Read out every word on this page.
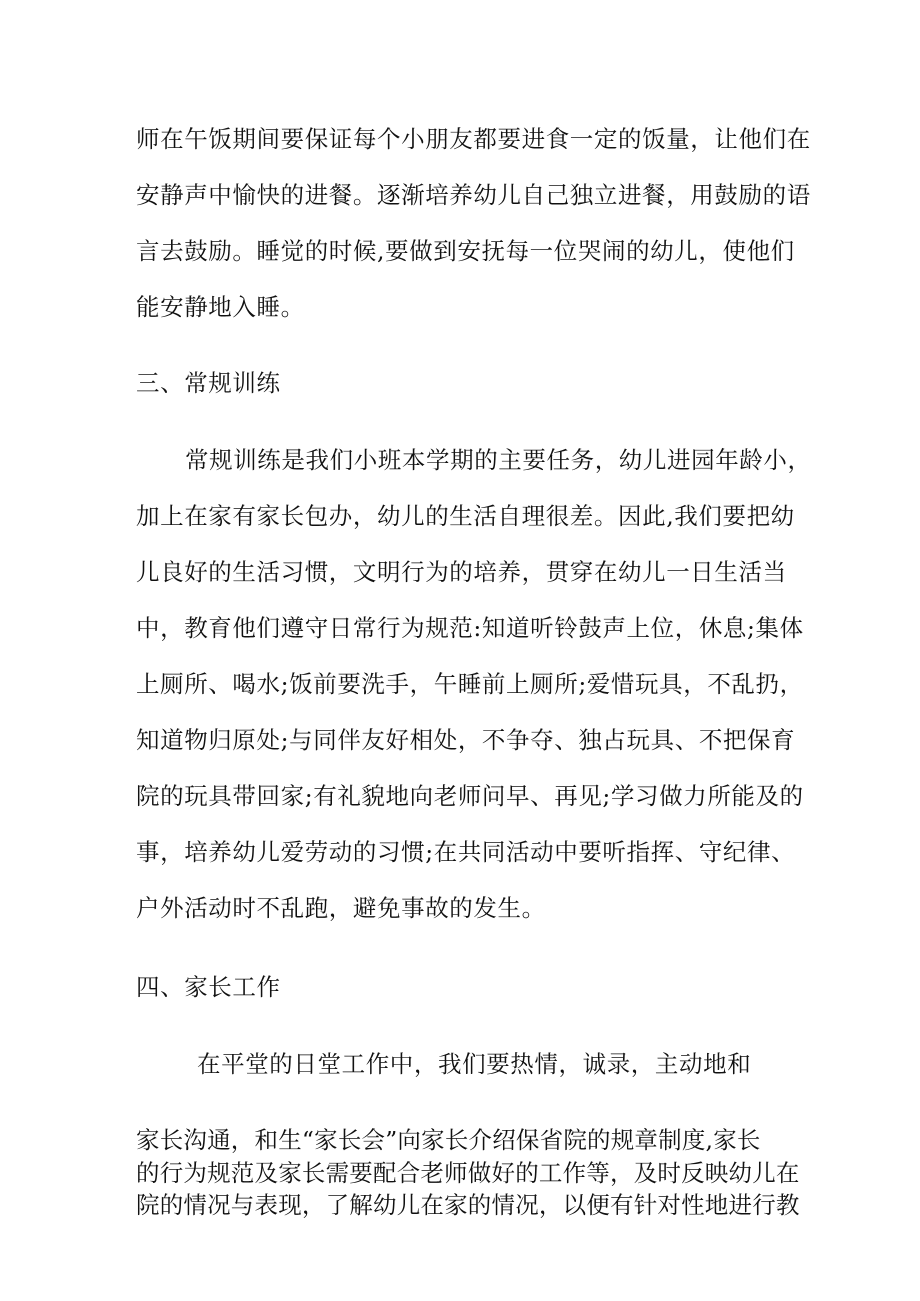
师在午饭期间要保证每个小朋友都要进食一定的饭量，让他们在
安静声中愉快的进餐。逐渐培养幼儿自己独立进餐，用鼓励的语
言去鼓励。睡觉的时候,要做到安抚每一位哭闹的幼儿，使他们
能安静地入睡。
三、常规训练
常规训练是我们小班本学期的主要任务，幼儿进园年龄小，
加上在家有家长包办，幼儿的生活自理很差。因此,我们要把幼
儿良好的生活习惯，文明行为的培养，贯穿在幼儿一日生活当
中，教育他们遵守日常行为规范:知道听铃鼓声上位，休息;集体
上厕所、喝水;饭前要洗手，午睡前上厕所;爱惜玩具，不乱扔，
知道物归原处;与同伴友好相处，不争夺、独占玩具、不把保育
院的玩具带回家;有礼貌地向老师问早、再见;学习做力所能及的
事，培养幼儿爱劳动的习惯;在共同活动中要听指挥、守纪律、
户外活动时不乱跑，避免事故的发生。
四、家长工作
在平堂的日堂工作中，我们要热情，诚录，主动地和
家长沟通，和生“家长会”向家长介绍保省院的规章制度,家长
的行为规范及家长需要配合老师做好的工作等，及时反映幼儿在
院的情况与表现，了解幼儿在家的情况，以便有针对性地进行教
